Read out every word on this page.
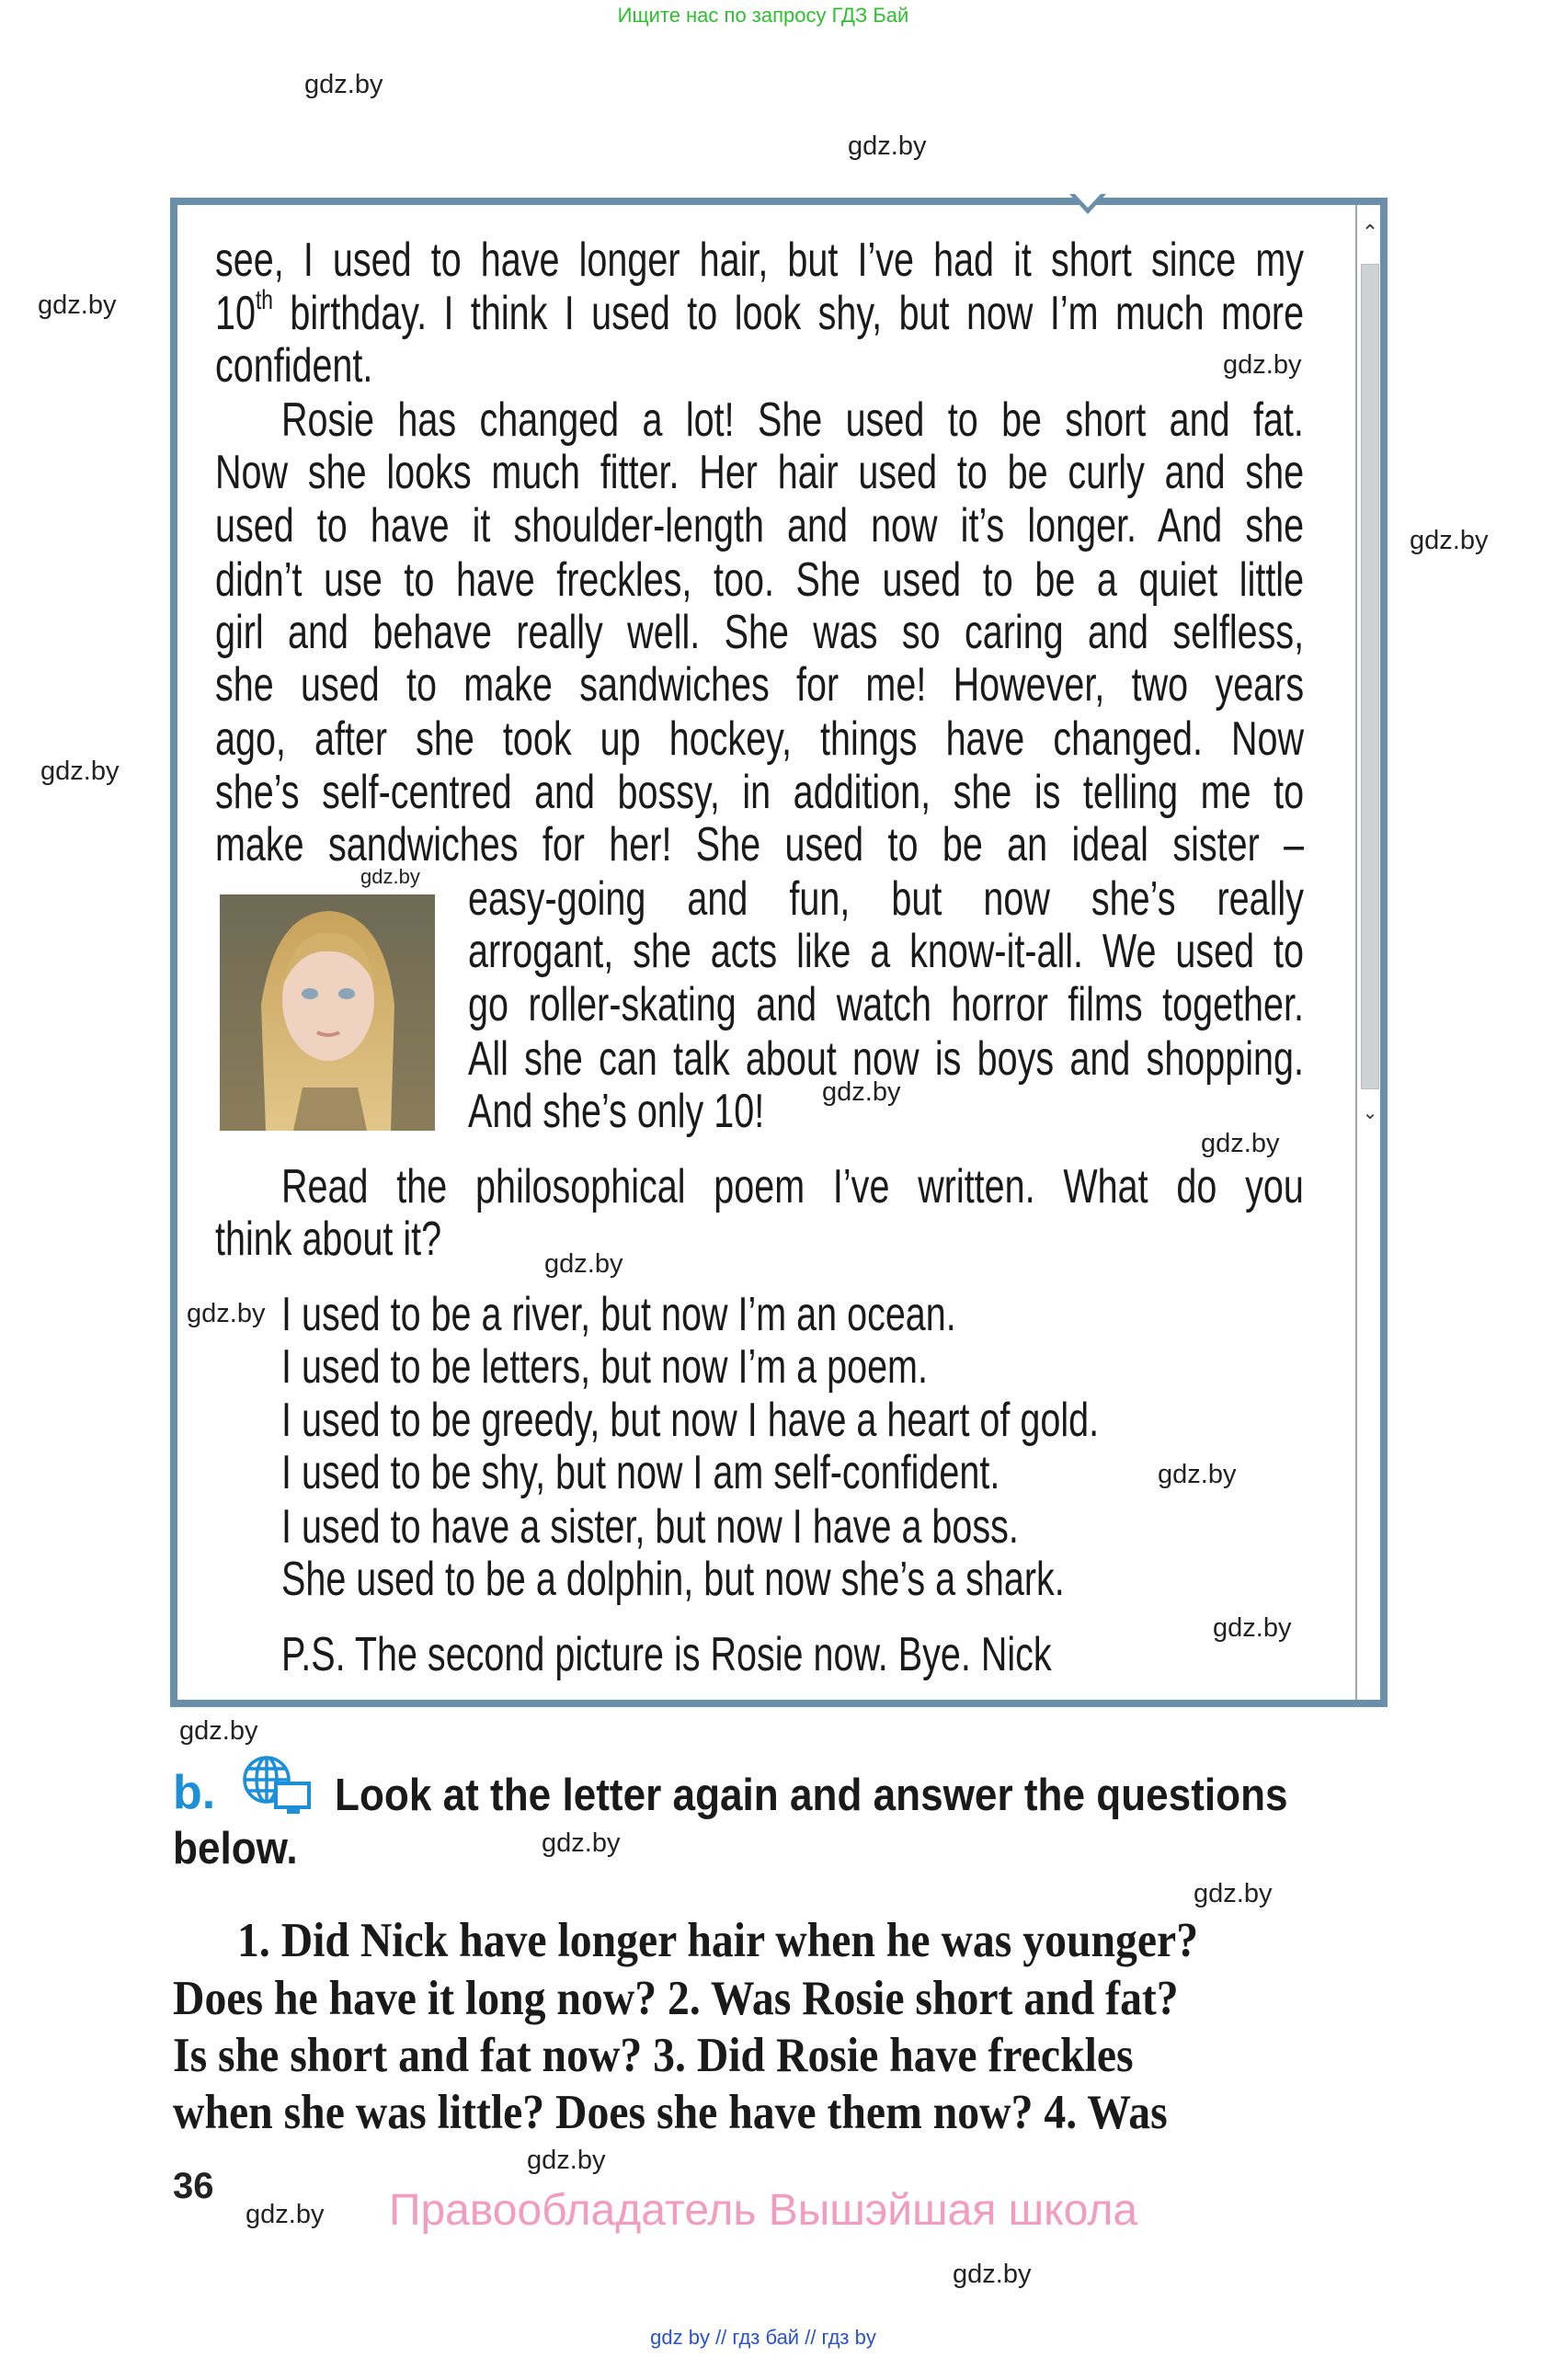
Ищите нас по запросу ГДЗ Бай
⌃
⌄
see, I used to have longer hair, but I’ve had it short since my
10th birthday. I think I used to look shy, but now I’m much more
confident.
Rosie has changed a lot! She used to be short and fat.
Now she looks much fitter. Her hair used to be curly and she
used to have it shoulder-length and now it’s longer. And she
didn’t use to have freckles, too. She used to be a quiet little
girl and behave really well. She was so caring and selfless,
she used to make sandwiches for me! However, two years
ago, after she took up hockey, things have changed. Now
she’s self-centred and bossy, in addition, she is telling me to
make sandwiches for her! She used to be an ideal sister –
easy-going and fun, but now she’s really
arrogant, she acts like a know-it-all. We used to
go roller-skating and watch horror films together.
All she can talk about now is boys and shopping.
And she’s only 10!
Read the philosophical poem I’ve written. What do you
think about it?
I used to be a river, but now I’m an ocean.
I used to be letters, but now I’m a poem.
I used to be greedy, but now I have a heart of gold.
I used to be shy, but now I am self-confident.
I used to have a sister, but now I have a boss.
She used to be a dolphin, but now she’s a shark.
P.S. The second picture is Rosie now. Bye. Nick
b.	Look at the letter again and answer the questions
below.
1. Did Nick have longer hair when he was younger?
Does he have it long now? 2. Was Rosie short and fat?
Is she short and fat now? 3. Did Rosie have freckles
when she was little? Does she have them now? 4. Was
36	Правообладатель Вышэйшая школа
gdz by // гдз бай // гдз by
gdz.by
gdz.by
gdz.by
gdz.by
gdz.by
gdz.by
gdz.by
gdz.by
gdz.by
gdz.by
gdz.by
gdz.by
gdz.by
gdz.by
gdz.by
gdz.by
gdz.by
gdz.by
gdz.by
